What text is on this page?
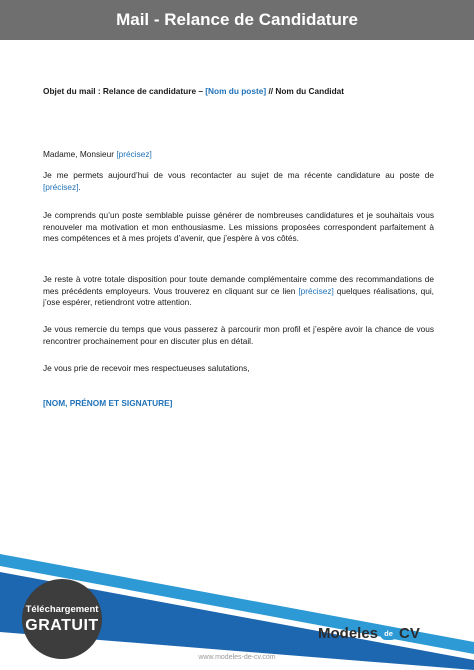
Mail - Relance de Candidature
Objet du mail : Relance de candidature – [Nom du poste] // Nom du Candidat
Madame, Monsieur [précisez]
Je me permets aujourd’hui de vous recontacter au sujet de ma récente candidature au poste de [précisez].
Je comprends qu’un poste semblable puisse générer de nombreuses candidatures et je souhaitais vous renouveler ma motivation et mon enthousiasme. Les missions proposées correspondent parfaitement à mes compétences et à mes projets d’avenir, que j’espère à vos côtés.
Je reste à votre totale disposition pour toute demande complémentaire comme des recommandations de mes précédents employeurs. Vous trouverez en cliquant sur ce lien [précisez] quelques réalisations, qui, j’ose espérer, retiendront votre attention.
Je vous remercie du temps que vous passerez à parcourir mon profil et j’espère avoir la chance de vous rencontrer prochainement pour en discuter plus en détail.
Je vous prie de recevoir mes respectueuses salutations,
[NOM, PRÉNOM ET SIGNATURE]
Téléchargement
GRATUIT	Modeles de CV
www.modeles-de-cv.com
